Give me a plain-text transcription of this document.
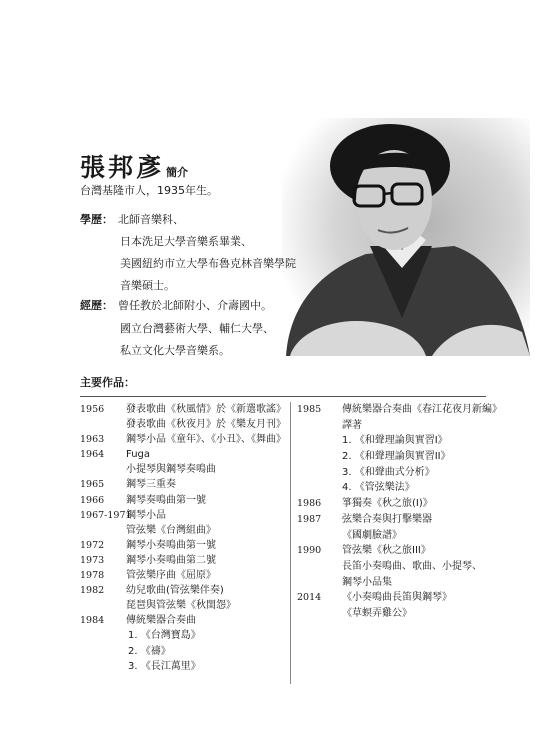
張邦彥 簡介
台灣基隆市人，1935年生。
學歷： 北師音樂科、
日本洗足大學音樂系畢業、
美國紐約市立大學布魯克林音樂學院
音樂碩士。
經歷： 曾任教於北師附小、介壽國中。
國立台灣藝術大學、輔仁大學、
私立文化大學音樂系。
主要作品：
1956 發表歌曲《秋風情》於《新選歌謠》
發表歌曲《秋夜月》於《樂友月刊》
1963 鋼琴小品《童年》、《小丑》、《舞曲》
1964 Fuga
小提琴與鋼琴奏鳴曲
1965 鋼琴三重奏
1966 鋼琴奏鳴曲第一號
1967-1971
鋼琴小品
管弦樂《台灣組曲》
1972 鋼琴小奏鳴曲第一號
1973 鋼琴小奏鳴曲第二號
1978 管弦樂序曲《屈原》
1982 幼兒歌曲(管弦樂伴奏)
琵琶與管弦樂《秋閨怨》
1984 傳統樂器合奏曲
1. 《台灣寶島》
2. 《禱》
3. 《長江萬里》
1985 傳統樂器合奏曲《春江花夜月新編》
譯著
1. 《和聲理論與實習I》
2. 《和聲理論與實習II》
3. 《和聲曲式分析》
4. 《管弦樂法》
1986 箏獨奏《秋之旅(I)》
1987 弦樂合奏與打擊樂器
《國劇臉譜》
1990 管弦樂《秋之旅III》
長笛小奏鳴曲、歌曲、小提琴、
鋼琴小品集
2014 《小奏鳴曲長笛與鋼琴》
《草螟弄雞公》
